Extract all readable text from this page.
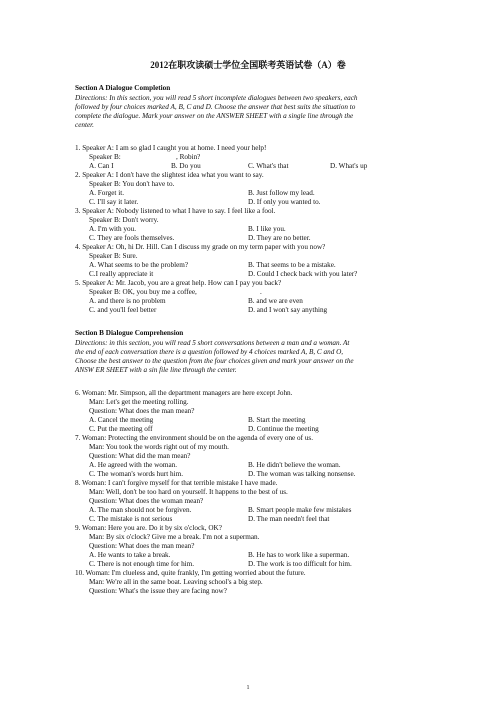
2012在职攻读硕士学位全国联考英语试卷（A）卷
Section A Dialogue Completion
Directions: In this section, you will read 5 short incomplete dialogues between two speakers, each
followed by four choices marked A, B, C and D. Choose the answer that best suits the situation to
complete the dialogue. Mark your answer on the ANSWER SHEET with a single line through the
center.
1. Speaker A: I am so glad I caught you at home. I need your help!
Speaker B:	, Robin?
A. Can I	B. Do you	C. What's that	D. What's up
2. Speaker A: I don't have the slightest idea what you want to say.
Speaker B: You don't have to.
A. Forget it.	B. Just follow my lead.
C. I'll say it later.	D. If only you wanted to.
3. Speaker A: Nobody listened to what I have to say. I feel like a fool.
Speaker B: Don't worry.
A. I'm with you.	B. I like you.
C. They are fools themselves.	D. They are no better.
4. Speaker A: Oh, hi Dr. Hill. Can I discuss my grade on my term paper with you now?
Speaker B: Sure.
A. What seems to be the problem?	B. That seems to be a mistake.
C.I really appreciate it	D. Could I check back with you later?
5. Speaker A: Mr. Jacob, you are a great help. How can I pay you back?
Speaker B: OK, you buy me a coffee,	.
A. and there is no problem	B. and we are even
C. and you'll feel better	D. and I won't say anything
Section B Dialogue Comprehension
Directions: in this section, you will read 5 short conversations between a man and a woman. At
the end of each conversation there is a question followed by 4 choices marked A, B, C and O,
Choose the best answer to the question from the four choices given and mark your answer on the
ANSW ER SHEET with a sin file line through the center.
6. Woman: Mr. Simpson, all the department managers are here except John.
Man: Let's get the meeting rolling.
Question: What does the man mean?
A. Cancel the meeting	B. Start the meeting
C. Put the meeting off	D. Continue the meeting
7. Woman: Protecting the environment should be on the agenda of every one of us.
Man: You took the words right out of my mouth.
Question: What did the man mean?
A. He agreed with the woman.	B. He didn't believe the woman.
C. The woman's words hurt him.	D. The woman was talking nonsense.
8. Woman: I can't forgive myself for that terrible mistake I have made.
Man: Well, don't be too hard on yourself. It happens to the best of us.
Question: What does the woman mean?
A. The man should not be forgiven.	B. Smart people make few mistakes
C. The mistake is not serious	D. The man needn't feel that
9. Woman: Here you are. Do it by six o'clock, OK?
Man: By six o'clock? Give me a break. I'm not a superman.
Question: What does the man mean?
A. He wants to take a break.	B. He has to work like a superman.
C. There is not enough time for him.	D. The work is too difficult for him.
10. Woman: I'm clueless and, quite frankly, I'm getting worried about the future.
Man: We're all in the same boat. Leaving school's a big step.
Question: What's the issue they are facing now?
1
